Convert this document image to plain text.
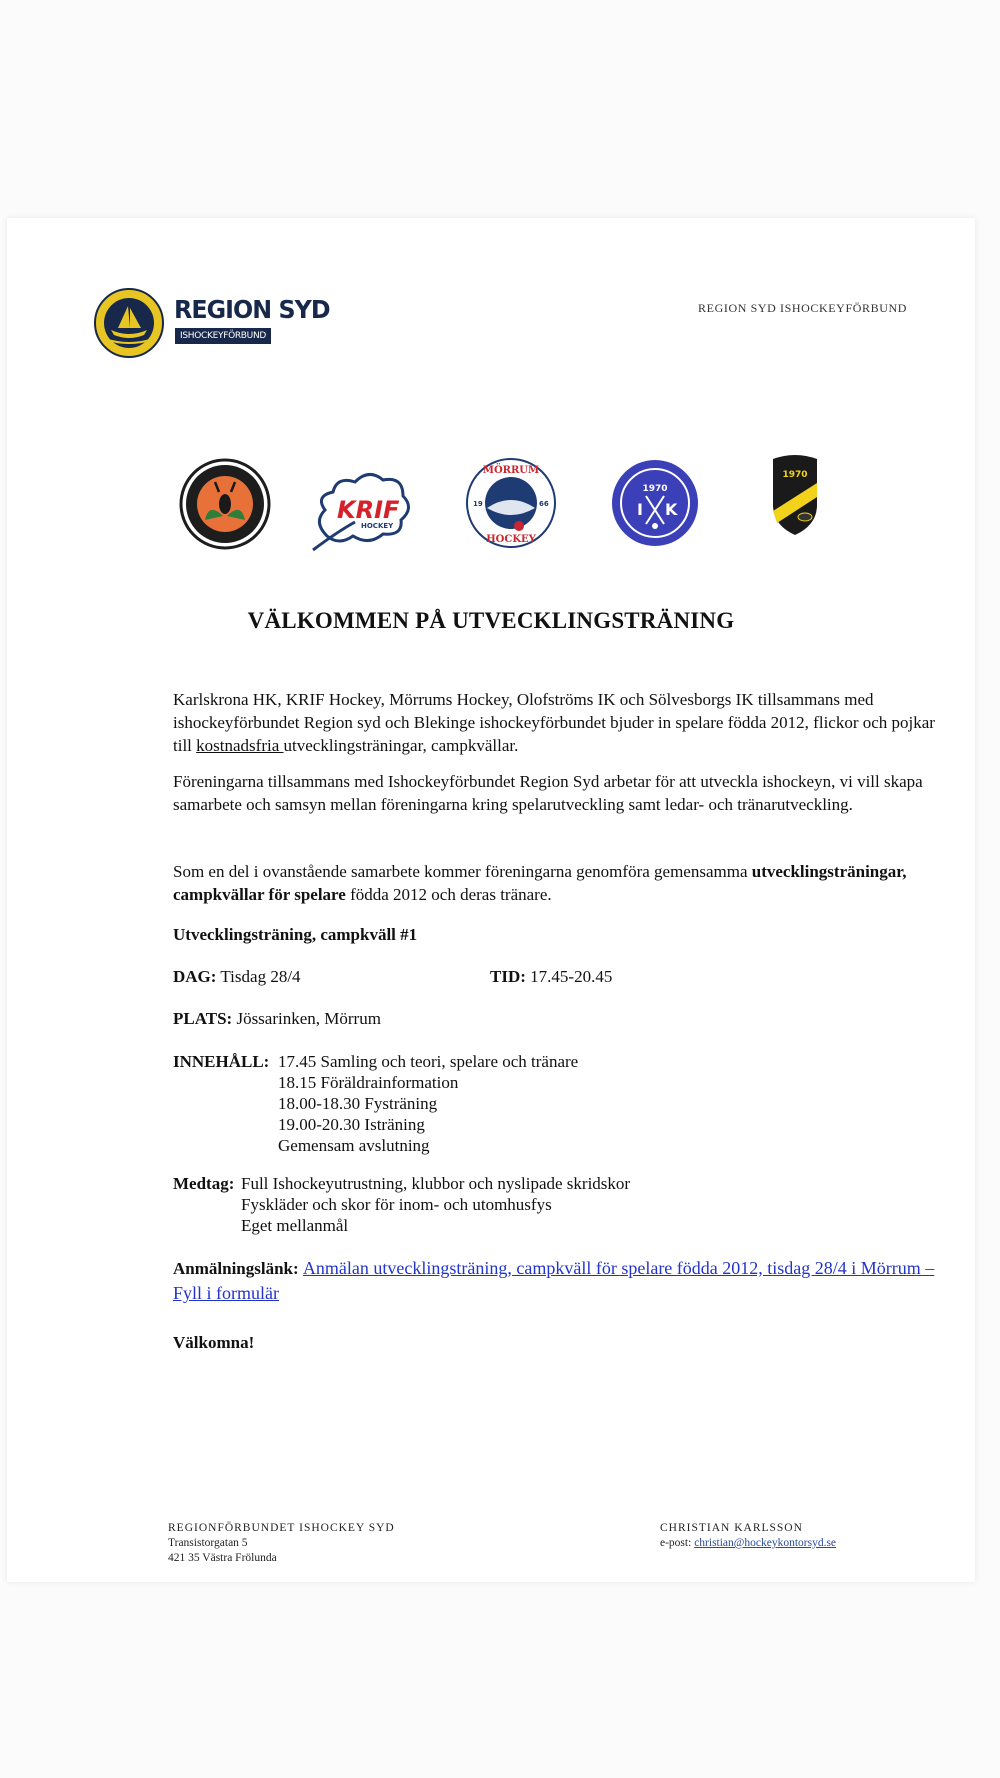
REGION SYD
ISHOCKEYFÖRBUND
REGION SYD ISHOCKEYFÖRBUND
KRIF
HOCKEY
MÖRRUM
HOCKEY
19	66
1970
I K
1970
VÄLKOMMEN PÅ UTVECKLINGSTRÄNING
Karlskrona HK, KRIF Hockey, Mörrums Hockey, Olofströms IK och Sölvesborgs IK tillsammans med ishockeyförbundet Region syd och Blekinge ishockeyförbundet bjuder in spelare födda 2012, flickor och pojkar till kostnadsfria utvecklingsträningar, campkvällar.
Föreningarna tillsammans med Ishockeyförbundet Region Syd arbetar för att utveckla ishockeyn, vi vill skapa samarbete och samsyn mellan föreningarna kring spelarutveckling samt ledar- och tränarutveckling.
Som en del i ovanstående samarbete kommer föreningarna genomföra gemensamma utvecklingsträningar, campkvällar för spelare födda 2012 och deras tränare.
Utvecklingsträning, campkväll #1
DAG: Tisdag 28/4	TID: 17.45-20.45
PLATS: Jössarinken, Mörrum
INNEHÅLL: 17.45 Samling och teori, spelare och tränare
18.15 Föräldrainformation
18.00-18.30 Fysträning
19.00-20.30 Isträning
Gemensam avslutning
Medtag: Full Ishockeyutrustning, klubbor och nyslipade skridskor
Fyskläder och skor för inom- och utomhusfys
Eget mellanmål
Anmälningslänk: Anmälan utvecklingsträning, campkväll för spelare födda 2012, tisdag 28/4 i Mörrum – Fyll i formulär
Välkomna!
REGIONFÖRBUNDET ISHOCKEY SYD
Transistorgatan 5
421 35 Västra Frölunda
CHRISTIAN KARLSSON
e-post: christian@hockeykontorsyd.se
